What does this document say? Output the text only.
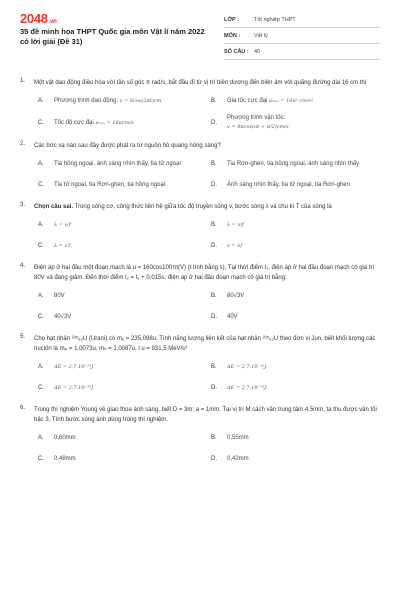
2048.vn
35 đề minh họa THPT Quốc gia môn Vật lí năm 2022 có lời giải (Đề 31)
LỚP :	Tốt nghiệp THPT
MÔN :	Vật lý
SỐ CÂU : 40
1. Một vật dao động điều hòa với tần số góc π rad/s, bắt đầu đi từ vị trí biên dương đến biên âm với quãng đường dài 16 cm thì
A.	Phương trình dao động: x = 8cos(2πt)cm	B.	Gia tốc cực đại aₘₐₓ = 16π² cm/s²
C.	Tốc độ cực đại vₘₐₓ = 16πcm/s	D.
Phương trình vận tốc:
v = 8πcos(πt + π/2)cm/s
2. Các bức xạ nào sau đây được phát ra từ nguồn hồ quang nóng sáng?
A.	Tia hồng ngoại, ánh sáng nhìn thấy, tia tử ngoại	B.	Tia Rơn-ghen, tia hồng ngoại, ánh sáng nhìn thấy
C.	Tia tử ngoại, tia Rơn-ghen, tia hồng ngoại	D.	Ánh sáng nhìn thấy, tia tử ngoại, tia Rơn-ghen
3. Chọn câu sai. Trong sóng cơ, công thức liên hệ giữa tốc độ truyền sóng v, bước sóng λ và chu kì T của sóng là
A.	λ = v/f	B.	λ = v/f
C.	λ = vT	D.	v = λf
4. Điện áp ở hai đầu một đoạn mạch là u = 160cos100πt(V) (t tính bằng s). Tại thời điểm t₁, điện áp ở hai đầu đoạn mạch có giá trị 80V và đang giảm. Đến thời điểm t₂ = t₁ + 0,015s, điện áp ở hai đầu đoạn mạch có giá trị bằng:
A.	80V	B.	80√3V
C.	40√3V	D.	40V
5. Cho hạt nhân ²³⁵₉₂U (Urani) có mᵤ = 235,098u. Tính năng lượng liên kết của hạt nhân ²³⁵₉₂U theo đơn vị Jun, biết khối lượng các nuclôn là mₚ = 1,0073u, mₙ = 1,0087u, l u = 931,5 MeV/c²
A.	ΔE = 2,7.10⁻¹³J.	B.	ΔE = 2,7.10⁻¹⁶J.
C.	ΔE = 2,7.10⁻¹⁰J.	D.	ΔE = 2,7.10⁻¹⁹J.
6. Trong thí nghiệm Young về giao thoa ánh sáng, biết D = 3m; a = 1mm. Tại vị trí M cách vân trung tâm 4,5mm, ta thu được vân tối bậc 3. Tính bước sóng ánh dùng trong thí nghiệm.
A.	0,60mm	B.	0,55mm
C.	0,48mm	D.	0,42mm
